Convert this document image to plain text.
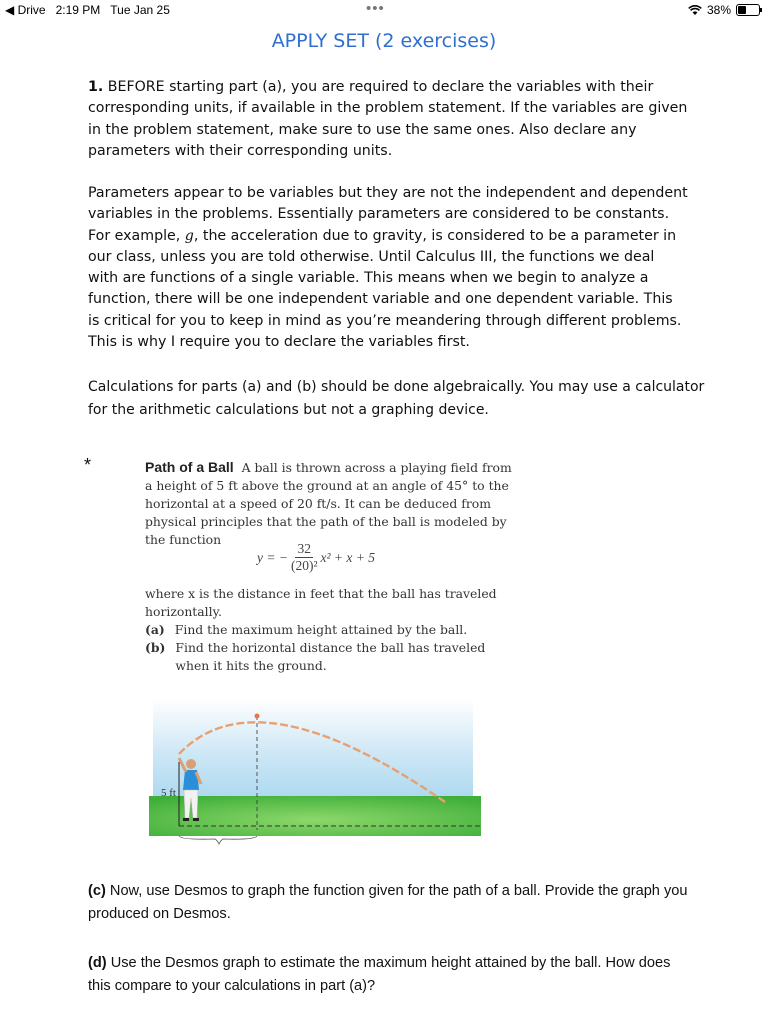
◀ Drive 2:19 PM Tue Jan 25	•••	38%
APPLY SET (2 exercises)
1. BEFORE starting part (a), you are required to declare the variables with their corresponding units, if available in the problem statement. If the variables are given in the problem statement, make sure to use the same ones. Also declare any parameters with their corresponding units.
Parameters appear to be variables but they are not the independent and dependent variables in the problems. Essentially parameters are considered to be constants. For example, g, the acceleration due to gravity, is considered to be a parameter in our class, unless you are told otherwise. Until Calculus III, the functions we deal with are functions of a single variable. This means when we begin to analyze a function, there will be one independent variable and one dependent variable. This is critical for you to keep in mind as you’re meandering through different problems. This is why I require you to declare the variables first.
Calculations for parts (a) and (b) should be done algebraically. You may use a calculator for the arithmetic calculations but not a graphing device.
*	Path of a Ball A ball is thrown across a playing field from a height of 5 ft above the ground at an angle of 45° to the horizontal at a speed of 20 ft/s. It can be deduced from physical principles that the path of the ball is modeled by the function
y = − $\frac{32}{\text{(20)²}} x^2 + x + 5$
where x is the distance in feet that the ball has traveled horizontally.
(a) Find the maximum height attained by the ball.
(b) Find the horizontal distance the ball has traveled when it hits the ground.
5 ft
(c) Now, use Desmos to graph the function given for the path of a ball. Provide the graph you produced on Desmos.
(d) Use the Desmos graph to estimate the maximum height attained by the ball. How does this compare to your calculations in part (a)?
